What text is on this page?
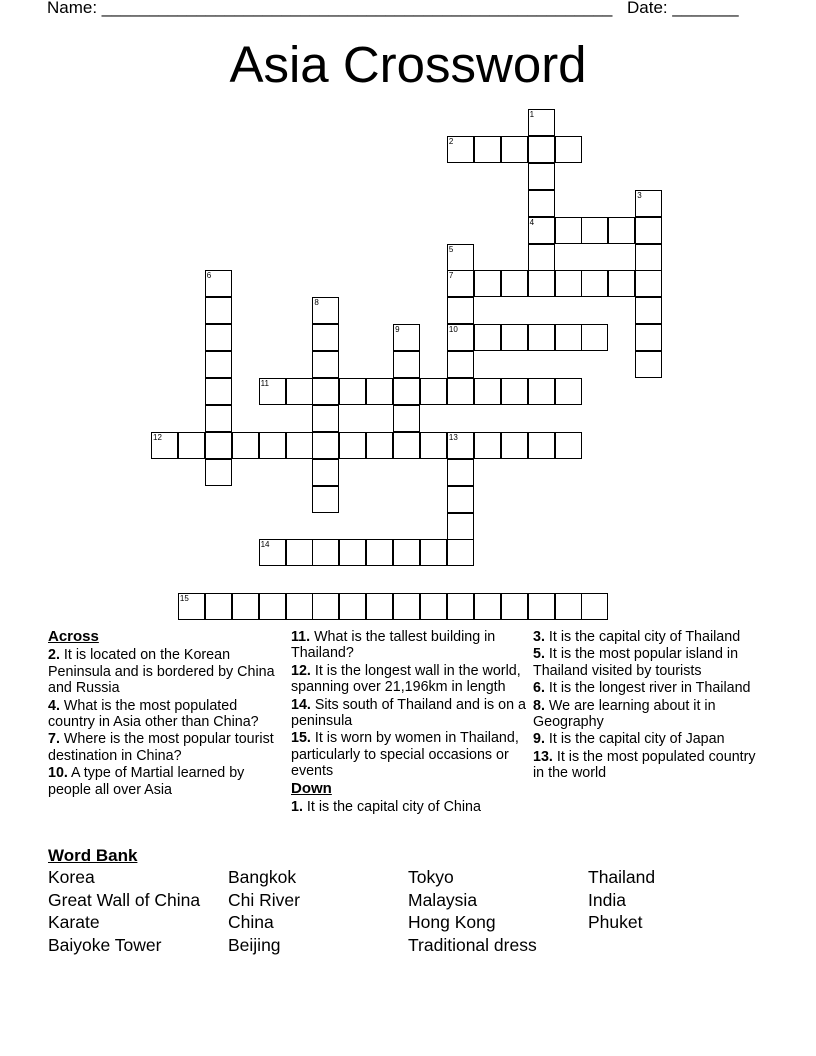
Name: ______________________________________________________ Date: _______
Asia Crossword
2
4
7
10
11
12	13
14
15
1
3
5
6
8
9
Across
2. It is located on the Korean Peninsula and is bordered by China and Russia
4. What is the most populated country in Asia other than China?
7. Where is the most popular tourist destination in China?
10. A type of Martial learned by people all over Asia
11. What is the tallest building in Thailand?
12. It is the longest wall in the world, spanning over 21,196km in length
14. Sits south of Thailand and is on a peninsula
15. It is worn by women in Thailand, particularly to special occasions or events
Down
1. It is the capital city of China
3. It is the capital city of Thailand
5. It is the most popular island in Thailand visited by tourists
6. It is the longest river in Thailand
8. We are learning about it in Geography
9. It is the capital city of Japan
13. It is the most populated country in the world
Word Bank
Korea	Bangkok	Tokyo	Thailand
Great Wall of China	Chi River	Malaysia	India
Karate	China	Hong Kong	Phuket
Baiyoke Tower	Beijing	Traditional dress
